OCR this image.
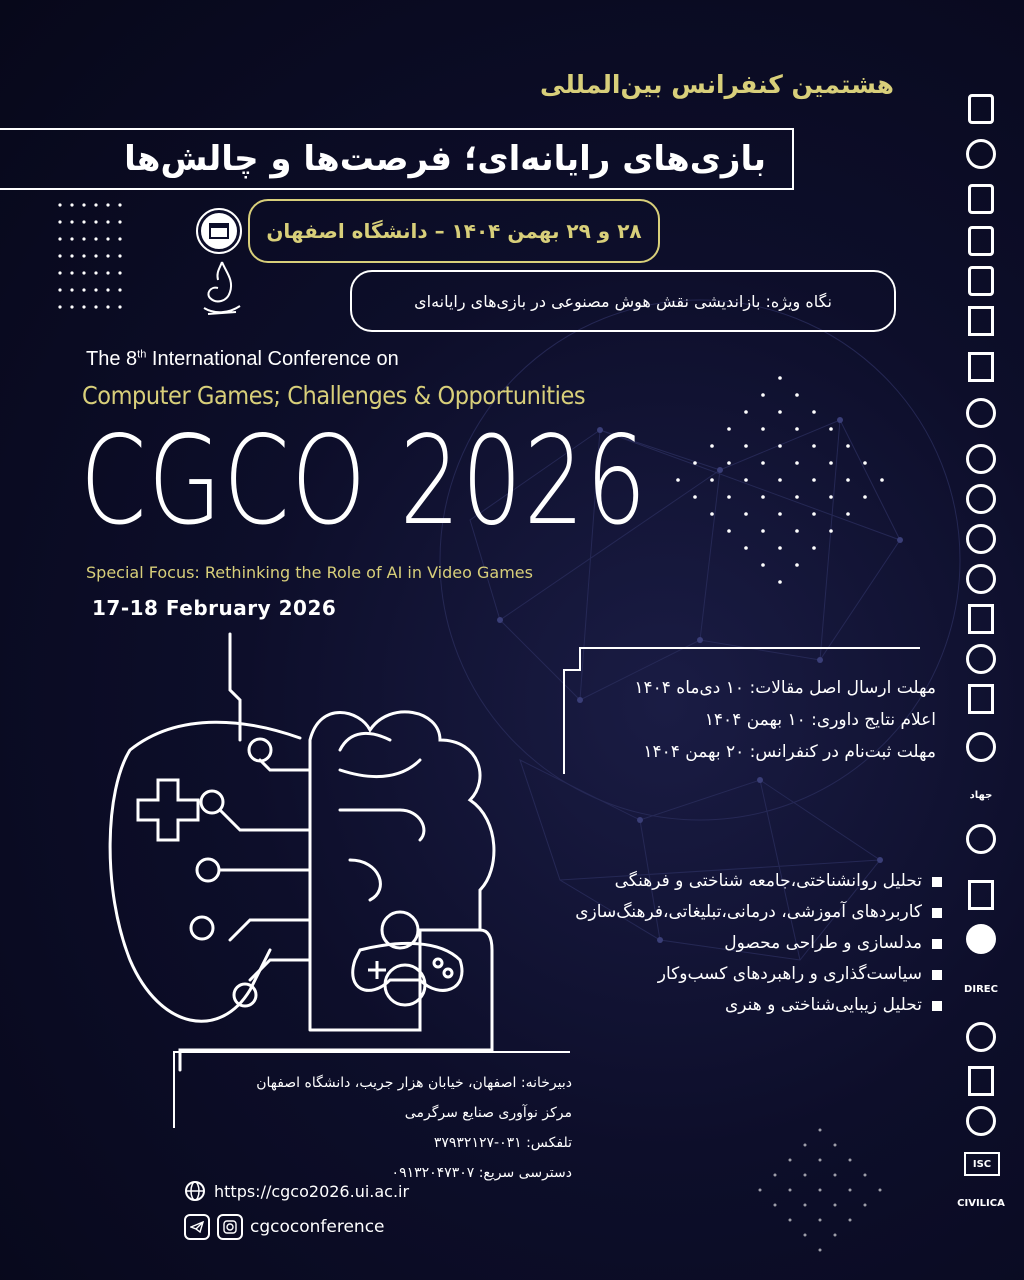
هشتمین کنفرانس بین‌المللی
بازی‌های رایانه‌ای؛ فرصت‌ها و چالش‌ها
۲۸ و ۲۹ بهمن ۱۴۰۴ – دانشگاه اصفهان
نگاه ویژه: بازاندیشی نقش هوش مصنوعی در بازی‌های رایانه‌ای
The 8th International Conference on
Computer Games; Challenges & Opportunities
CGCO 2026
Special Focus: Rethinking the Role of AI in Video Games
17-18 February 2026
مهلت ارسال اصل مقالات: ۱۰ دی‌ماه ۱۴۰۴
اعلام نتایج داوری: ۱۰ بهمن ۱۴۰۴
مهلت ثبت‌نام در کنفرانس: ۲۰ بهمن ۱۴۰۴
تحلیل روانشناختی،جامعه شناختی و فرهنگی
کاربردهای آموزشی، درمانی،تبلیغاتی،فرهنگ‌سازی
مدلسازی و طراحی محصول
سیاست‌گذاری و راهبردهای کسب‌وکار
تحلیل زیبایی‌شناختی و هنری
دبیرخانه: اصفهان، خیابان هزار جریب، دانشگاه اصفهان
مرکز نوآوری صنایع سرگرمی
تلفکس: ۰۳۱-۳۷۹۳۲۱۲۷
دسترسی سریع: ۰۹۱۳۲۰۴۷۳۰۷
https://cgco2026.ui.ac.ir
cgcoconference
جهاد
DIREC
ISC
CIVILICA
